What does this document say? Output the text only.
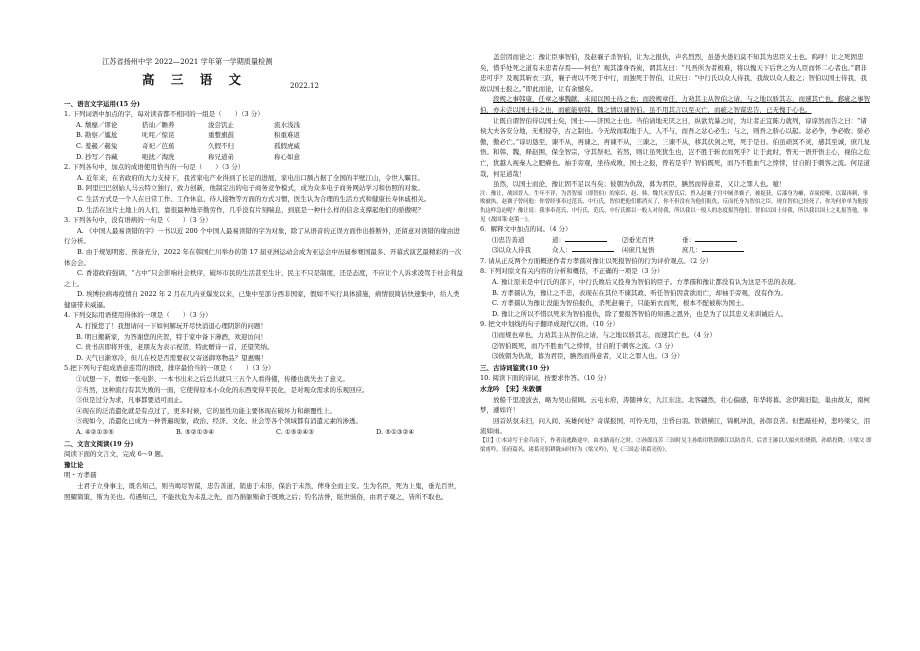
江苏省扬州中学 2022—2021 学年第一学期质量检测
高 三 语 文	2022.12

一、语言文字运用(15 分)

1. 下列词语中加点的字，每对读音都不相同的一组是（　　）（3 分）

A. 颓靡／谬论	搭讪／瞻养	浚尝饥止	流水浅浅
B. 勘察／尴尬	叱咤／惊诧	重整旗鼓	积重难返
C. 羞赧／赧兔	奇祀／芭蕉	久假不归	孤假虎威
D. 抄写／吞藏	呃扰／淘洗	称兄道弟	称心如意

2. 下列各句中，加点的成语使用恰当的一句是（　　）（3 分）

A. 近年来，在省政府的大力支持下，我省家电产业得到了长足的进展，家电出口额占据了全国的半壁江山，令世人瞩目。

B. 阿里巴巴创始人马云特立独行，致力创新，他制定出的电子商务竞争模式，成为众多电子商务网站学习和仿照的对象。

C. 生活方式是一个人在日常工作、工作休息、待人接物等方面的方式习惯，医生认为合理的生活方式和健康长寿休戚相关。

D. 生活在这片土地上的人们，靠很最种地辛勤劳作，几乎没有片刻喘息，到底是一种什么样的信念支撑起他们的骄傲呢？

3. 下列各句中，没有语病的一句是（　　）（3 分）

A. 《中国人最易读错的字》一书以近 200 个中国人最易读错的字为对象，除了从语音的正误方面作出推断外，还留意对读错的缘由进行分析。

B. 由于规划明密、预备充分，2022 年在韩国仁川举办的第 17 届亚洲运动会成为亚运会中历届参赛国最多、开幕式演艺最精彩的一次体会会。

C. 香港政府强调，“占中”只会影响社会秩序，破坏市民的生活甚至生计，民主不只是制度，还是态度，不应让个人诉求凌驾于社会利益之上。

D. 埃博拉病毒疫情自 2022 年 2 月在几内亚爆发以来，已集中至部分西非国家，假如不实行具体措施，病情很简估快速集中，给人类健康带来威逼。

4. 下列交际用语使用得体的一项是（　　）（3 分）

A. 打搅您了！我想请问一下如何解玩开尽快消退心理阴影的问题！

B. 明日搬新家，为答谢您的庆贺，特于家中备下薄酒，欢迎访问！

C. 贵书店即将开张，老朋友为表示祝贺，特此赠诗一首，还望笑纳。

D. 天气日渐寒冷，但儿在校是否需要叔父寄送御寒物品？望惠赐！

5.把下列句子组成语意连贯的语段，排序最恰当的一项是（　　）（3 分）

①试想一下，假如一张电影、一本书出来之后总共就只三五个人看得懂，传播也就失去了意义。

②当然，这种流行有其失败的一面，它使得原本小众化的东西变得平民化，是对观众需求的乐观回应。

③但是过分为求，凡事都要适可而止。

④现在的泛消遣化就是有点过了，更多时候，它的显性功能主要体现在破坏力和颠覆性上。

⑤现如今，消遣化已成为一种普遍现象，政治、经济、文化、社会等各个领域都有消遣元素的渗透。

A. ④②①③⑤	B. ⑤②①③④	C. ①⑤②④③	D. ⑤①③②④

二、文言文阅读(19 分)

阅读下面的文言文，完成 6～9 题。

豫让论

明・方孝孺

士君子立身事主，既名知己，则当竭尽智谋，忠告善道，销患于未形，保治于未然，俾身全而主安。生为名臣，死为上鬼，垂光百世，照耀简策，斯为美也。苟遇知己，不能扶危为未乱之先，而乃捐躯殒命于既败之后；钓名沽誉，眩世骇俗，由君子观之，皆所不取也。

盖尝因而论之：豫让臣事智伯，及赵襄子杀智伯，让为之报仇，声名烈烈，虽愚夫愚妇莫不知其为忠臣义士也。呜呼！让之死固忠矣，惜乎处死之道有未忠者存焉——何也？观其漆身吞炭，谓其友曰：“凡吾所为者极难，将以愧天下后世之为人臣而怀二心者也。”谓非忠可乎？及观其斩衣三跃，襄子责以不死于中行，而独死于智伯，让应曰：“中行氏以众人待我，我故以众人报之；智伯以国士待我，我故以国士报之。”即此而论，让有余憾矣。

段规之事韩康，任章之事魏献，未闻以国士待之也；而段规章任，力劝其主从智伯之请，与之地以骄其志，而速其亡也。郄疵之事智伯，亦未尝以国士待之也，而疵能察韩、魏之情以谏智伯。虽不用其言以至灭亡，而疵之智谋忠告，已无愧于心也。

让既自谓智伯待以国士矣，国士——济国之士也。当伯请地无厌之日，纵欲荒暴之时，为让者正宜陈力就列，谆谆然而告之曰：“诸侯大夫各安分地，无相侵夺，古之制也。今无故而取地于人，人不与，而吾之忿心必生；与之，则吾之骄心以起。忿必争，争必败；骄必傲，傲必亡。”谆切恳至，谏不从，再谏之，再谏不从，三谏之，三谏不从，移其伏剑之死，死于是日。伯虽顽冥不灵，感其至诚，庶几复悟。和韩、魏，释赵围，保全智宗，守其祭祀。若然，则让虽死犹生也，岂不胜于斩衣而死乎？让于此时，曾无一语开悟主心，视伯之危亡，犹越人视秦人之肥瘠也。袖手旁观，坐待成败，国士之报，曾若是乎？智伯既死，而乃不胜血气之悻悻，甘自附于刺客之流。何足道哉，何足道哉！

虽然，以国士而论，豫让固不足以当矣；彼朝为仇敌，暮为君臣，腆然而得意者，又让之罪人也。噫！

注：豫让，战国晋人。生年不详，为晋智瑶（即智伯）的家臣，赵、韩、魏共灭智氏后，曾入赵襄子宫中厕杀襄子，被捉获，后漆身为癞，吞炭使哑，以谋再刺，事败被执。赵襄子曾问他：你曾经事奉过范氏、中行氏，智伯把他们都消灭了，你不但没有为他们报仇，反而托身为智伯之臣。现在智伯已经死了，你为何单单为他报仇这样急迫呢？豫让说：我事奉范氏、中行氏，范氏、中行氏都以一般人对待我，所以我以一般人的态度报答他们。智伯以国士待我，所以我以国士之礼报答他。事见《战国策·赵策一》。

6．解释文中加点的词。（4 分）

⑴忠告善道	道：	⑵垂光百世	垂：
⑶以众人待我	众人：	⑷庶几复悟	庶几：

7. 请从正反两个方面概述作者方孝孺对豫让以死报智伯的行为评价观点。（2 分）

8. 下列对原文有关内容的分析和概括，不正确的一项是（3 分）

A. 豫让原来是中行氏的部下，中行氏败后又投身为智伯的臣子。方孝孺和豫让都没有认为这是不忠的表现。

B. 方孝孺认为，豫让之不忠，表现在在其位不谏其政、听任智伯因贪欲而亡，却袖手旁观，没有作为。

C. 方孝孺认为豫让没能为智伯报仇，杀死赵襄子，只能斩衣而死，根本不配被称为国士。

D. 豫让之所以不惜以死来为智伯报仇，除了要报答智伯的知遇之恩外，也是为了以其忠义来训诫后人。

9. 把文中划线的句子翻译成现代汉语。（10 分）

⑴而规也章也，力劝其主从智伯之请，与之地以骄其志，而速其亡也。（4 分）

⑵智伯既死，而乃不胜血气之悻悻，甘自附于刺客之流。（3 分）

⑶彼朝为仇敌，暮为君臣，腆然而得意者，又让之罪人也。（3 分）

三、古诗词鉴赏(10 分)

10. 阅读下面的诗词，按要求作答。（10 分）

水龙吟　【宋】朱敦儒

放船千里凌波去，略为吴山留顾。云屯水府，涛随神女，九江东注。北客翩然，壮心偏感，年华将暮。念伊嵩旧隐，巢由故友，南柯梦，遽如许！

回首妖氛未扫，问人间、英雄何处？奇谋报国，可怜无用，尘昏白羽。铁锁横江，锦帆冲浪，孙郎良苦。但愁敲桂棹，悲吟梁父，泪流如雨。

【注】①本诗写于金兵南下，作者南逃路途中，由水路南行之时。②孙郎良苦 三国时吴主孙皓用铁锁横江以防晋兵，后晋王濬以大船火炬烧锁，孙皓投降。③梁父 即梁甫吟，乐府篇名，诸葛亮躬耕陇亩时好为《梁父吟》，见《三国志·诸葛亮传》。
